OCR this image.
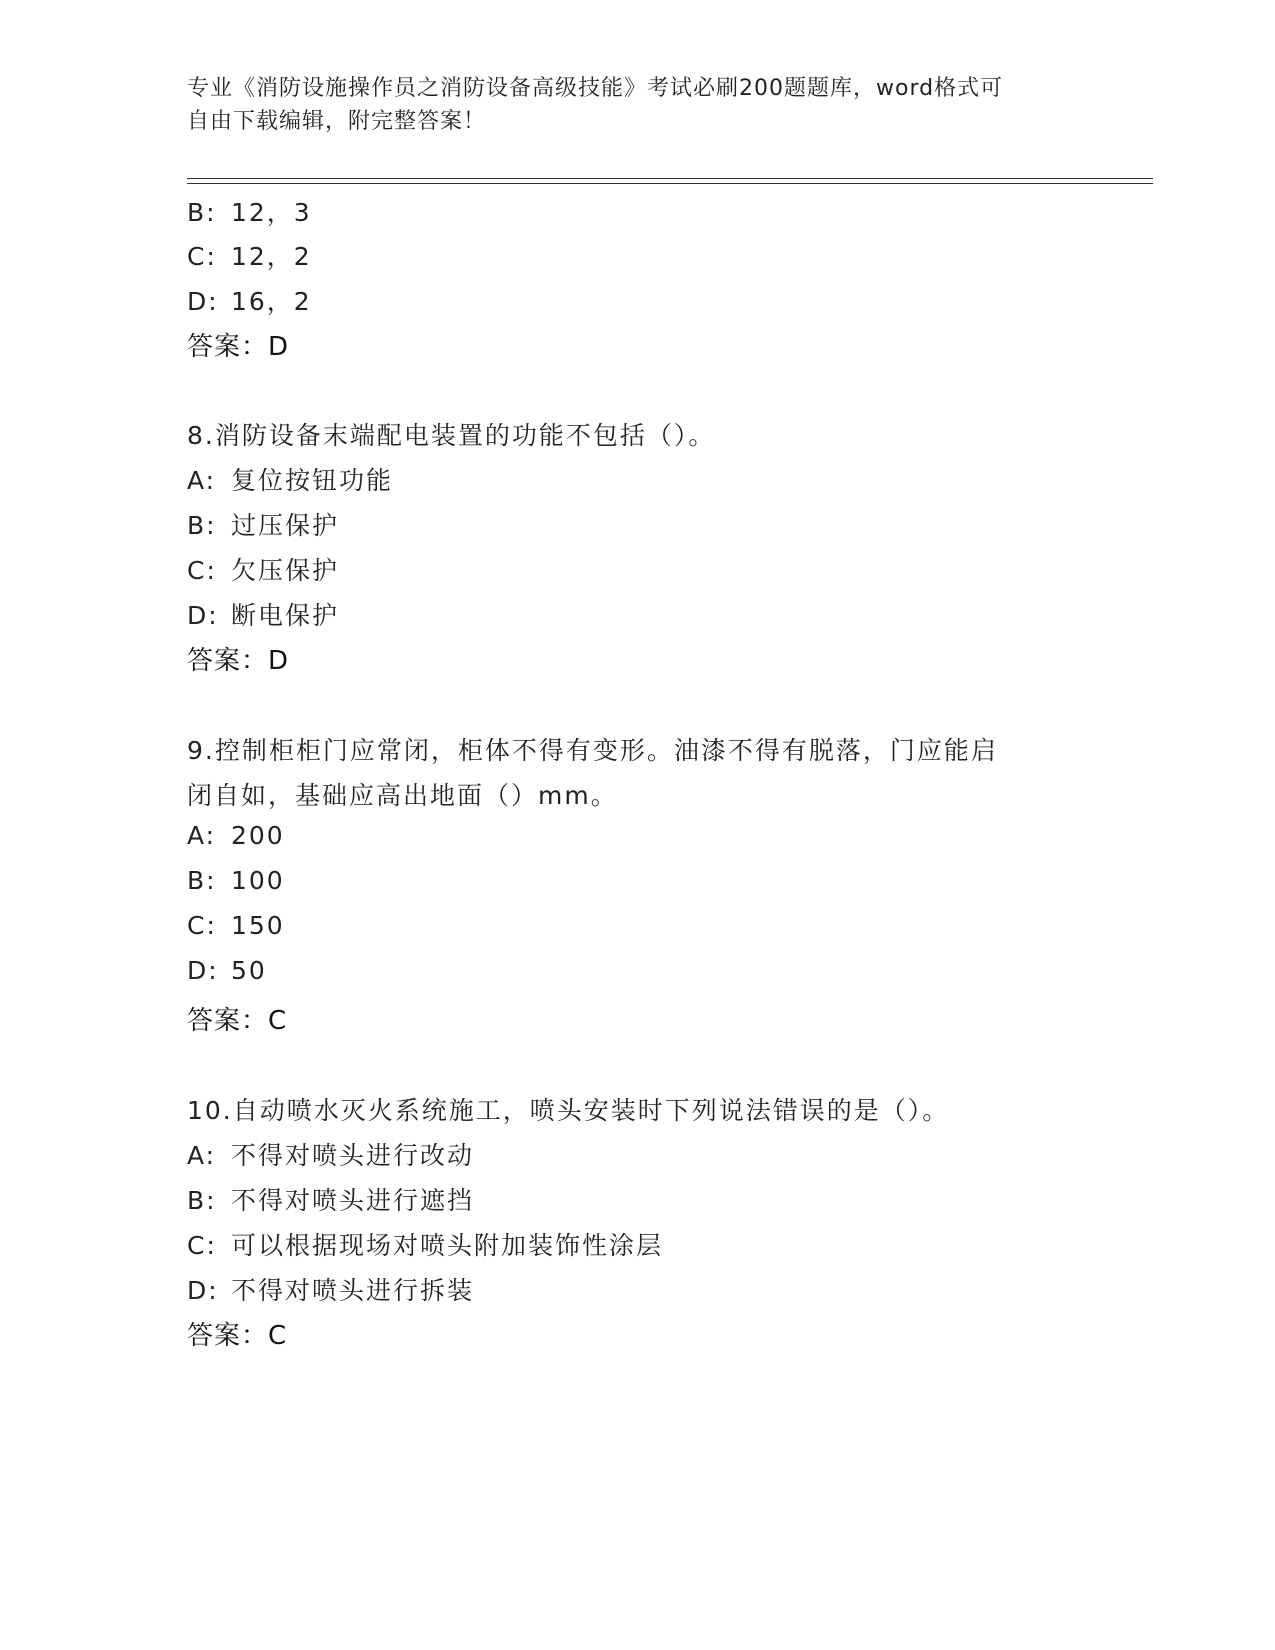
专业《消防设施操作员之消防设备高级技能》考试必刷200题题库，word格式可
自由下载编辑，附完整答案！
B: 12，3
C: 12，2
D: 16，2
答案：D
8.消防设备末端配电装置的功能不包括（）。
A: 复位按钮功能
B: 过压保护
C: 欠压保护
D: 断电保护
答案：D
9.控制柜柜门应常闭，柜体不得有变形。油漆不得有脱落，门应能启
闭自如，基础应高出地面（）mm。
A: 200
B: 100
C: 150
D: 50
答案：C
10.自动喷水灭火系统施工，喷头安装时下列说法错误的是（）。
A: 不得对喷头进行改动
B: 不得对喷头进行遮挡
C: 可以根据现场对喷头附加装饰性涂层
D: 不得对喷头进行拆装
答案：C
